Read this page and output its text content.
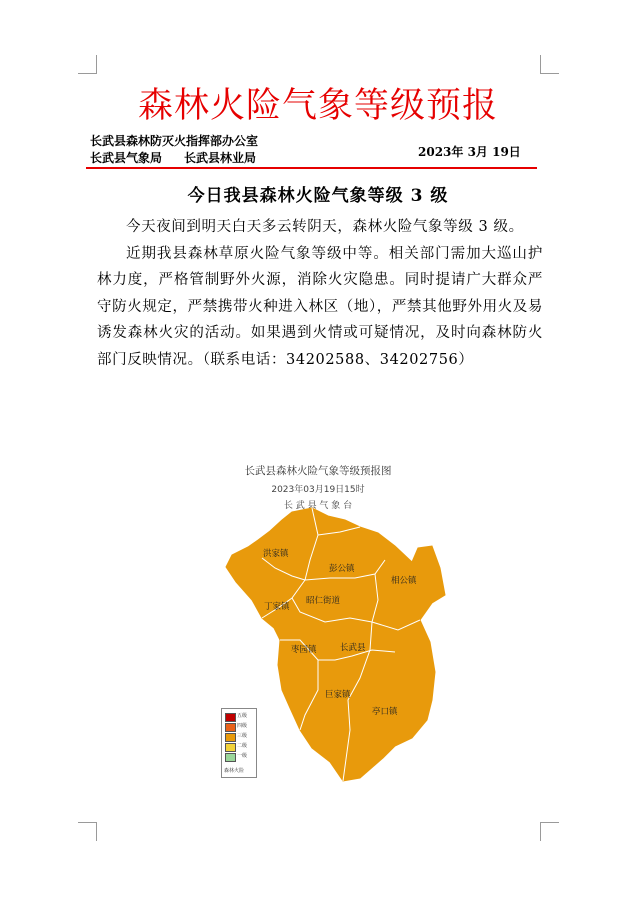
森林火险气象等级预报
长武县森林防灭火指挥部办公室
长武县气象局 长武县林业局	2023年 3月 19日
今日我县森林火险气象等级 3 级

今天夜间到明天白天多云转阴天，森林火险气象等级 3 级。

近期我县森林草原火险气象等级中等。相关部门需加大巡山护林力度，严格管制野外火源，消除火灾隐患。同时提请广大群众严守防火规定，严禁携带火种进入林区（地），严禁其他野外用火及易诱发森林火灾的活动。如果遇到火情或可疑情况，及时向森林防火部门反映情况。（联系电话：34202588、34202756）

长武县森林火险气象等级预报图
2023年03月19日15时
长 武 县 气 象 台
洪家镇
彭公镇
相公镇
丁家镇
昭仁街道
枣园镇	长武县
巨家镇
亭口镇
五级
四级
三级
二级
一级
森林火险
